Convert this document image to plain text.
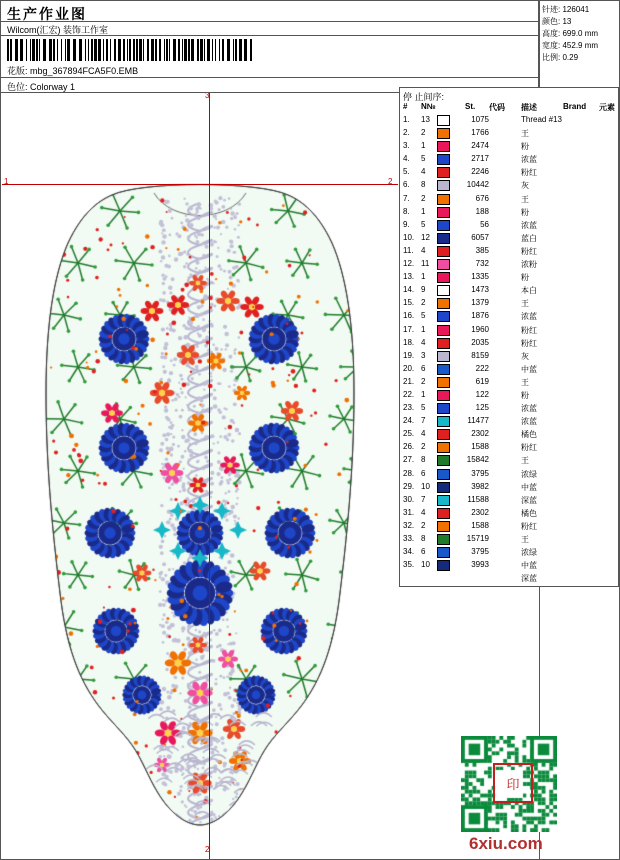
生产作业图
Wilcom(汇宏) 装饰工作室
花版: mbg_367894FCA5F0.EMB
色位: Colorway 1
针迹: 126041
颜色: 13
高度: 699.0 mm
宽度: 452.9 mm
比例: 0.29
3
2
1	2
停 止间序:
# N№	St. 代码 描述	Brand 元素
1.	13	1075	Thread #13
2.	2	1766	王
3.	1	2474	粉
4.	5	2717	浓蓝
5.	4	2246	粉红
6.	8	10442	灰
7.	2	676	王
8.	1	188	粉
9.	5	56	浓蓝
10. 12	6057	蓝白
11. 4	385	粉红
12. 11	732	浓粉
13. 1	1335	粉
14. 9	1473	本白
15. 2	1379	王
16. 5	1876	浓蓝
17. 1	1960	粉红
18. 4	2035	粉红
19. 3	8159	灰
20. 6	222	中蓝
21. 2	619	王
22. 1	122	粉
23. 5	125	浓蓝
24. 7	11477	浓蓝
25. 4	2302	橘色
26. 2	1588	粉红
27. 8	15842	王
28. 6	3795	浓绿
29. 10	3982	中蓝
30. 7	11588	深蓝
31. 4	2302	橘色
32. 2	1588	粉红
33. 8	15719	王
34. 6	3795	浓绿
35. 10	3993	中蓝
深蓝
印
6xiu.com
